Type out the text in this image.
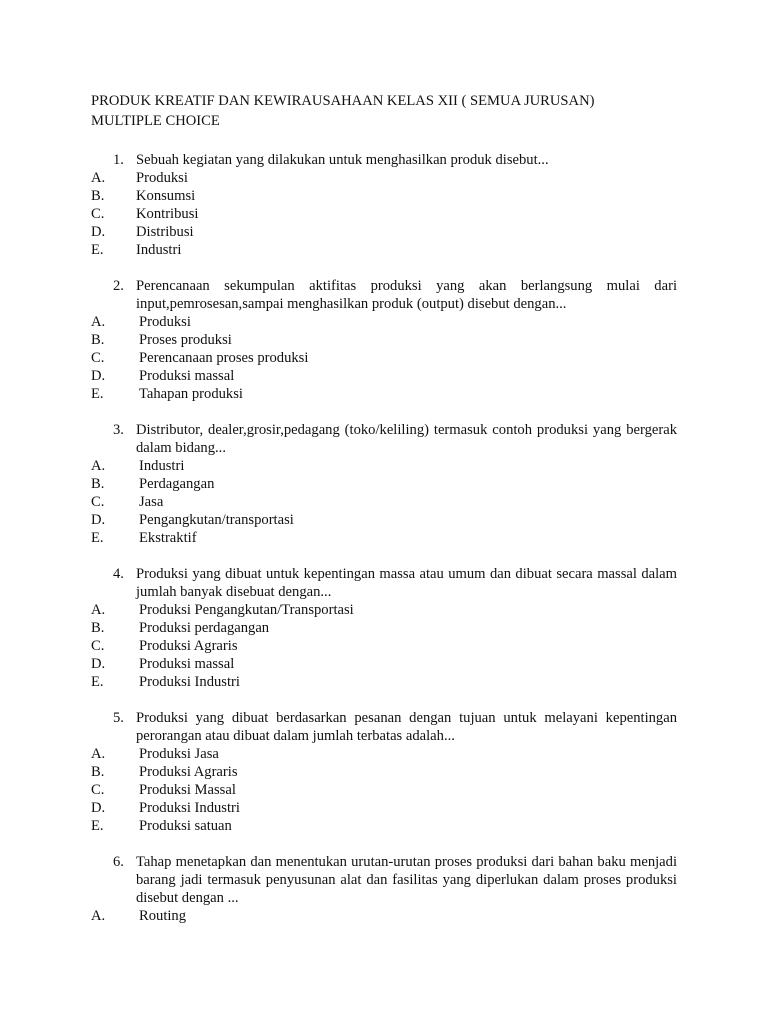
PRODUK KREATIF DAN KEWIRAUSAHAAN KELAS XII ( SEMUA JURUSAN)
MULTIPLE CHOICE
1. Sebuah kegiatan yang dilakukan untuk menghasilkan produk disebut...
A.	Produksi
B.	Konsumsi
C.	Kontribusi
D.	Distribusi
E.	Industri
2. Perencanaan sekumpulan aktifitas produksi yang akan berlangsung mulai dari input,pemrosesan,sampai menghasilkan produk (output) disebut dengan...
A.	Produksi
B.	Proses produksi
C.	Perencanaan proses produksi
D.	Produksi massal
E.	Tahapan produksi
3. Distributor, dealer,grosir,pedagang (toko/keliling) termasuk contoh produksi yang bergerak dalam bidang...
A.	Industri
B.	Perdagangan
C.	Jasa
D.	Pengangkutan/transportasi
E.	Ekstraktif
4. Produksi yang dibuat untuk kepentingan massa atau umum dan dibuat secara massal dalam jumlah banyak disebuat dengan...
A.	Produksi Pengangkutan/Transportasi
B.	Produksi perdagangan
C.	Produksi Agraris
D.	Produksi massal
E.	Produksi Industri
5. Produksi yang dibuat berdasarkan pesanan dengan tujuan untuk melayani kepentingan perorangan atau dibuat dalam jumlah terbatas adalah...
A.	Produksi Jasa
B.	Produksi Agraris
C.	Produksi Massal
D.	Produksi Industri
E.	Produksi satuan
6. Tahap menetapkan dan menentukan urutan-urutan proses produksi dari bahan baku menjadi barang jadi termasuk penyusunan alat dan fasilitas yang diperlukan dalam proses produksi disebut dengan ...
A.	Routing
